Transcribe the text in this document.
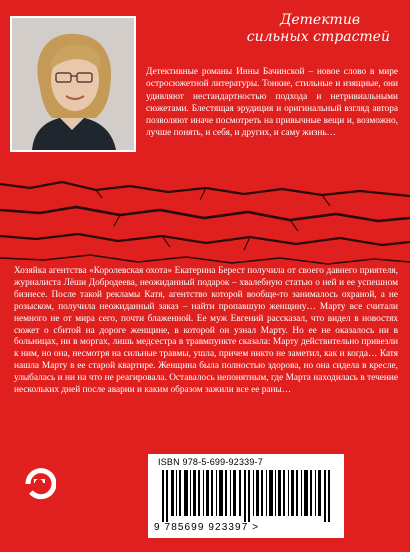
Детектив
сильных страстей
Детективные романы Инны Бачинской – новое слово в мире остросюжетной литературы. Тонкие, стильные и изящные, они удивляют нестандартностью подхода и нетривиальными сюжетами. Блестящая эрудиция и оригинальный взгляд автора позволяют иначе посмотреть на привычные вещи и, возможно, лучше понять, и себя, и других, и саму жизнь…
Хозяйка агентства «Королевская охота» Екатерина Берест получила от своего давнего приятеля, журналиста Лёши Добродеева, неожиданный подарок – хвалебную статью о ней и ее успешном бизнесе. После такой рекламы Катя, агентство которой вообще-то занималось охраной, а не розыском, получила неожиданный заказ – найти пропавшую женщину… Марту все считали немного не от мира сего, почти блаженной. Ее муж Евгений рассказал, что видел в новостях сюжет о сбитой на дороге женщине, в которой он узнал Марту. Но ее не оказалось ни в больницах, ни в моргах, лишь медсестра в травмпункте сказала: Марту действительно привезли к ним, но она, несмотря на сильные травмы, ушла, причем никто не заметил, как и когда… Катя нашла Марту в ее старой квартире. Женщина была полностью здорова, но она сидела в кресле, улыбалась и ни на что не реагировала. Оставалось непонятным, где Марта находилась в течение нескольких дней после аварии и каким образом зажили все ее раны…
ISBN 978-5-699-92339-7
9 785699 923397 >
